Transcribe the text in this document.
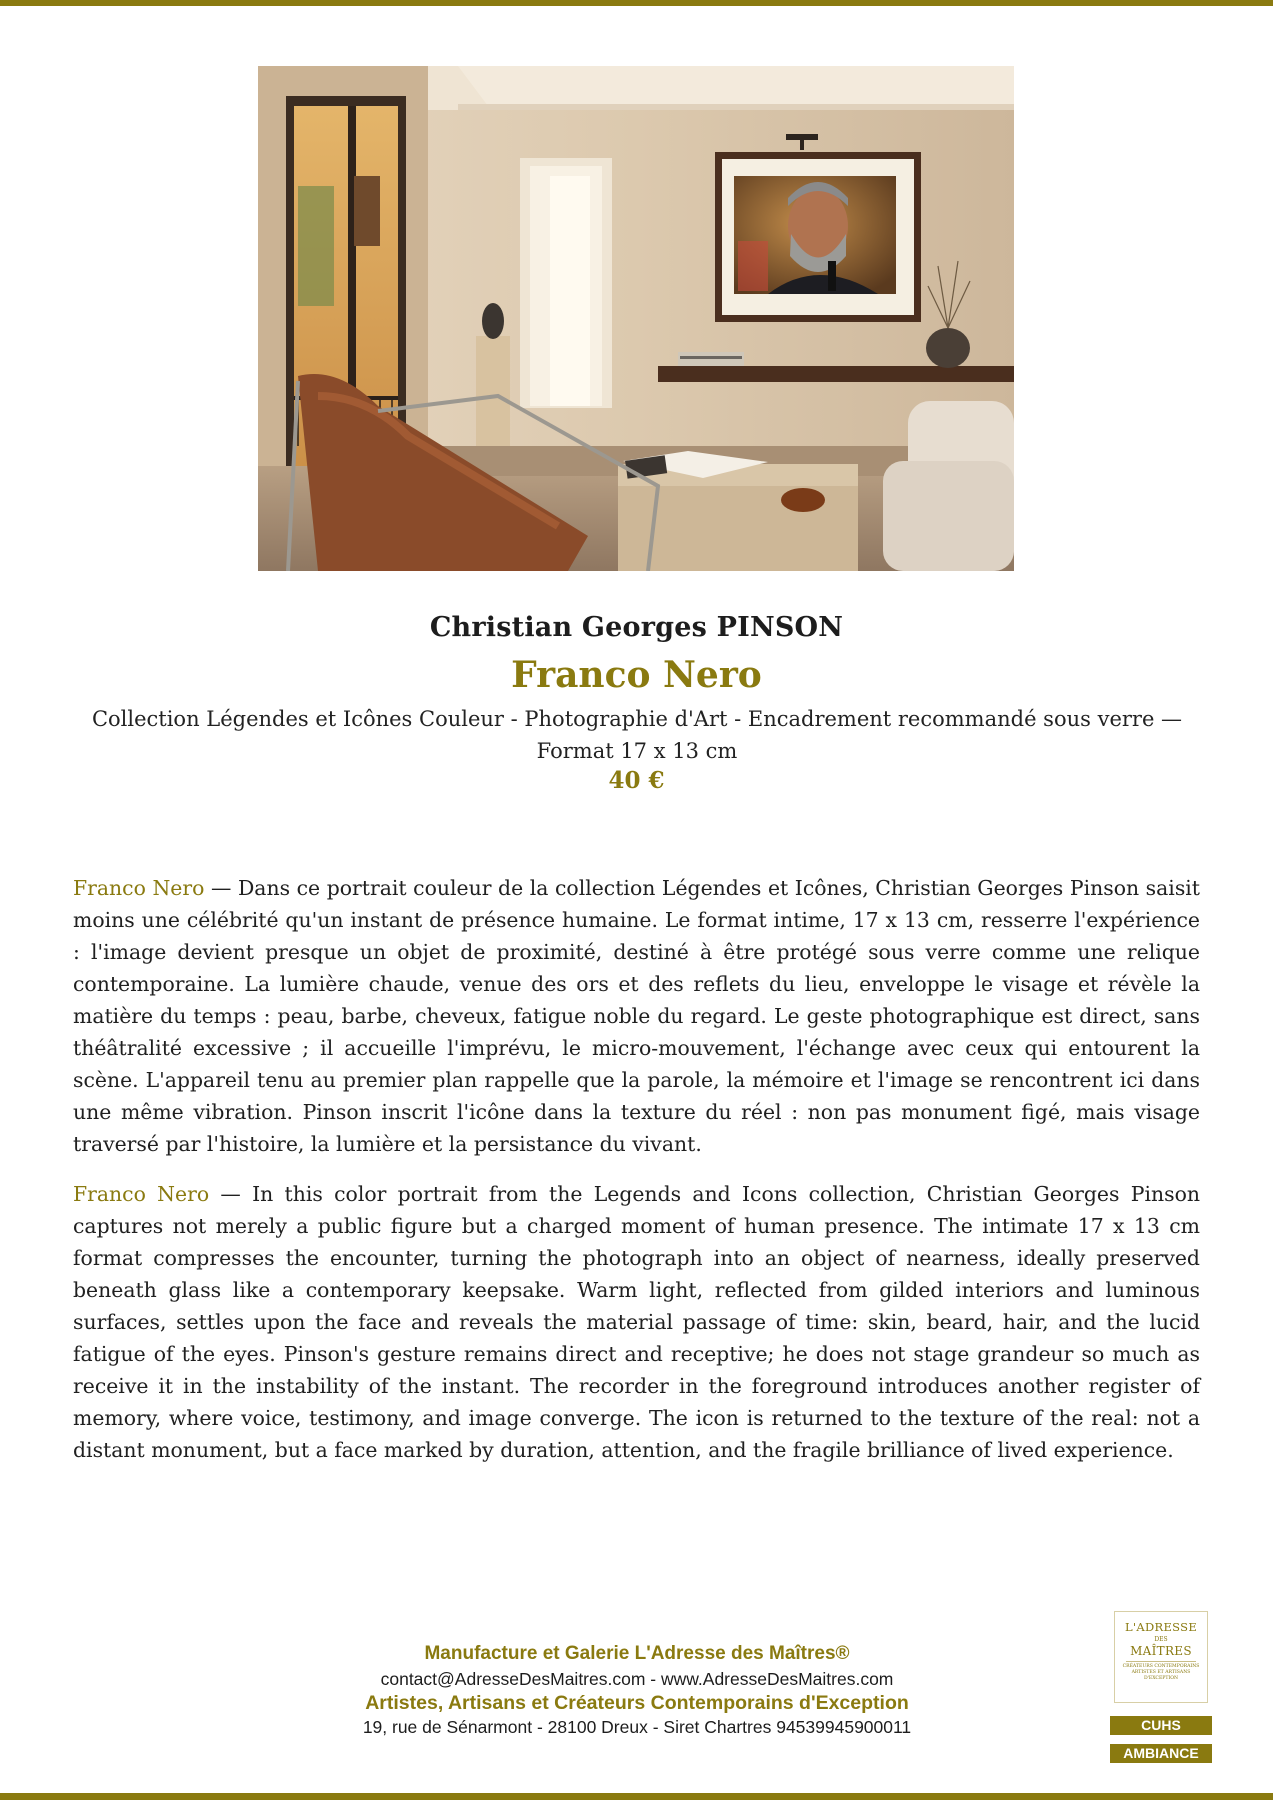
Christian Georges PINSON
Franco Nero
Collection Légendes et Icônes Couleur - Photographie d'Art - Encadrement recommandé sous verre — Format 17 x 13 cm
40 €

Franco Nero — Dans ce portrait couleur de la collection Légendes et Icônes, Christian Georges Pinson saisit moins une célébrité qu'un instant de présence humaine. Le format intime, 17 x 13 cm, resserre l'expérience : l'image devient presque un objet de proximité, destiné à être protégé sous verre comme une relique contemporaine. La lumière chaude, venue des ors et des reflets du lieu, enveloppe le visage et révèle la matière du temps : peau, barbe, cheveux, fatigue noble du regard. Le geste photographique est direct, sans théâtralité excessive ; il accueille l'imprévu, le micro-mouvement, l'échange avec ceux qui entourent la scène. L'appareil tenu au premier plan rappelle que la parole, la mémoire et l'image se rencontrent ici dans une même vibration. Pinson inscrit l'icône dans la texture du réel : non pas monument figé, mais visage traversé par l'histoire, la lumière et la persistance du vivant.

Franco Nero — In this color portrait from the Legends and Icons collection, Christian Georges Pinson captures not merely a public figure but a charged moment of human presence. The intimate 17 x 13 cm format compresses the encounter, turning the photograph into an object of nearness, ideally preserved beneath glass like a contemporary keepsake. Warm light, reflected from gilded interiors and luminous surfaces, settles upon the face and reveals the material passage of time: skin, beard, hair, and the lucid fatigue of the eyes. Pinson's gesture remains direct and receptive; he does not stage grandeur so much as receive it in the instability of the instant. The recorder in the foreground introduces another register of memory, where voice, testimony, and image converge. The icon is returned to the texture of the real: not a distant monument, but a face marked by duration, attention, and the fragile brilliance of lived experience.

Manufacture et Galerie L'Adresse des Maîtres®
contact@AdresseDesMaitres.com - www.AdresseDesMaitres.com
Artistes, Artisans et Créateurs Contemporains d'Exception
19, rue de Sénarmont - 28100 Dreux - Siret Chartres 94539945900011
L'ADRESSE
DES
MAÎTRES
CRÉATEURS CONTEMPORAINS ARTISTES ET ARTISANS D'EXCEPTION
CUHS
AMBIANCE
